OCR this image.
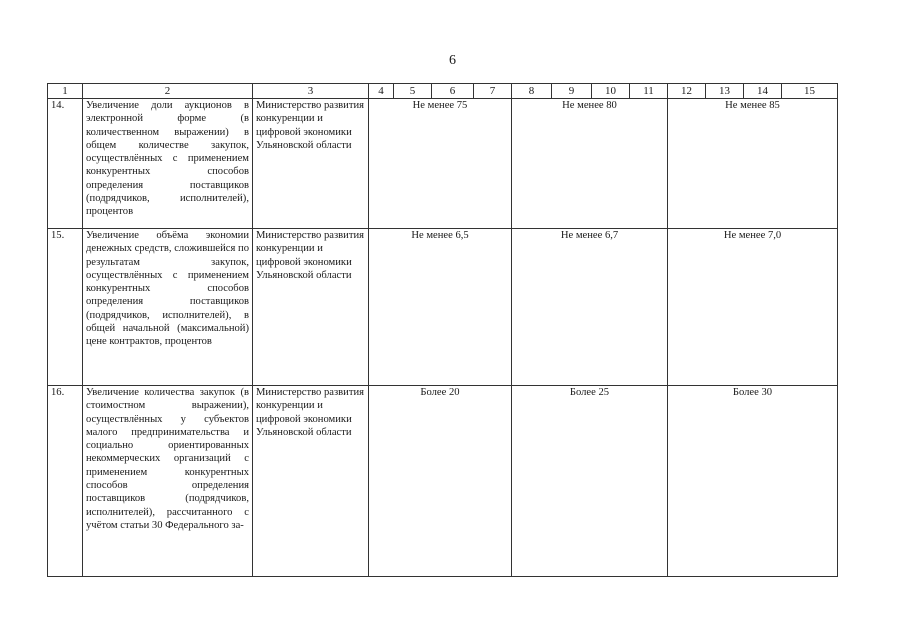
6
1	2	3	4	5	6	7	8	9	10	11	12	13	14	15
14.	Увеличение доли аукционов в электронной форме (в количественном выражении) в общем количестве закупок, осуществлённых с применением конкурентных способов определения поставщиков (подрядчиков, исполнителей), процентов	Министерство развития конкуренции и цифровой экономики Ульяновской области	Не менее 75				Не менее 80				Не менее 85			
15.	Увеличение объёма экономии денежных средств, сложившейся по результатам закупок, осуществлённых с применением конкурентных способов определения поставщиков (подрядчиков, исполнителей), в общей начальной (максимальной) цене контрактов, процентов	Министерство развития конкуренции и цифровой экономики Ульяновской области	Не менее 6,5				Не менее 6,7				Не менее 7,0			
16.	Увеличение количества закупок (в стоимостном выражении), осуществлённых у субъектов малого предпринимательства и социально ориентированных некоммерческих организаций с применением конкурентных способов определения поставщиков (подрядчиков, исполнителей), рассчитанного с учётом статьи 30 Федерального за-	Министерство развития конкуренции и цифровой экономики Ульяновской области	Более 20				Более 25				Более 30			
